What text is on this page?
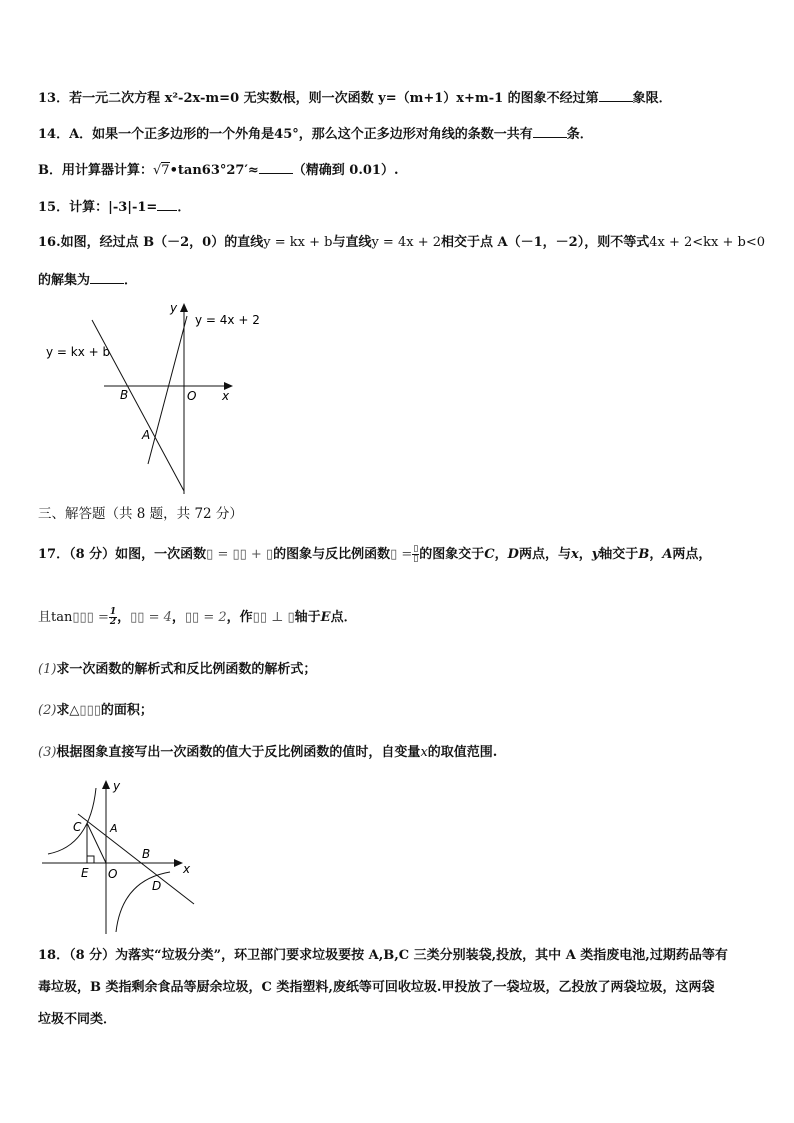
13．若一元二次方程 x²-2x-m=0 无实数根，则一次函数 y=（m+1）x+m-1 的图象不经过第	象限．
14．A．如果一个正多边形的一个外角是45°，那么这个正多边形对角线的条数一共有	条．
B．用计算器计算：√7•tan63°27′≈	（精确到 0.01）.
15．计算：|-3|-1= ．
16.如图，经过点 B（－2，0）的直线y = kx + b与直线y = 4x + 2相交于点 A（－1，－2），则不等式4x + 2<kx + b<0
的解集为	．
y
x
y = 4x + 2
y = kx + b
B	O
A
三、解答题（共 8 题，共 72 分）
17．（8 分）如图，一次函数▯ = ▯▯ + ▯的图象与反比例函数▯ = $\frac{▯}{▯}$ 的图象交于C，D两点，与x，y轴交于B，A两点，
且tan▯▯▯ = $\frac{1}{2}$ ，▯▯ = 4，▯▯ = 2，作▯▯ ⊥ ▯轴于E点．
(1)求一次函数的解析式和反比例函数的解析式；
(2)求△▯▯▯的面积；
(3)根据图象直接写出一次函数的值大于反比例函数的值时，自变量x的取值范围.
y
x
C	A
B
E O
D
18．（8 分）为落实“垃圾分类”，环卫部门要求垃圾要按 A,B,C 三类分别装袋,投放，其中 A 类指废电池,过期药品等有
毒垃圾，B 类指剩余食品等厨余垃圾，C 类指塑料,废纸等可回收垃圾.甲投放了一袋垃圾，乙投放了两袋垃圾，这两袋
垃圾不同类．
